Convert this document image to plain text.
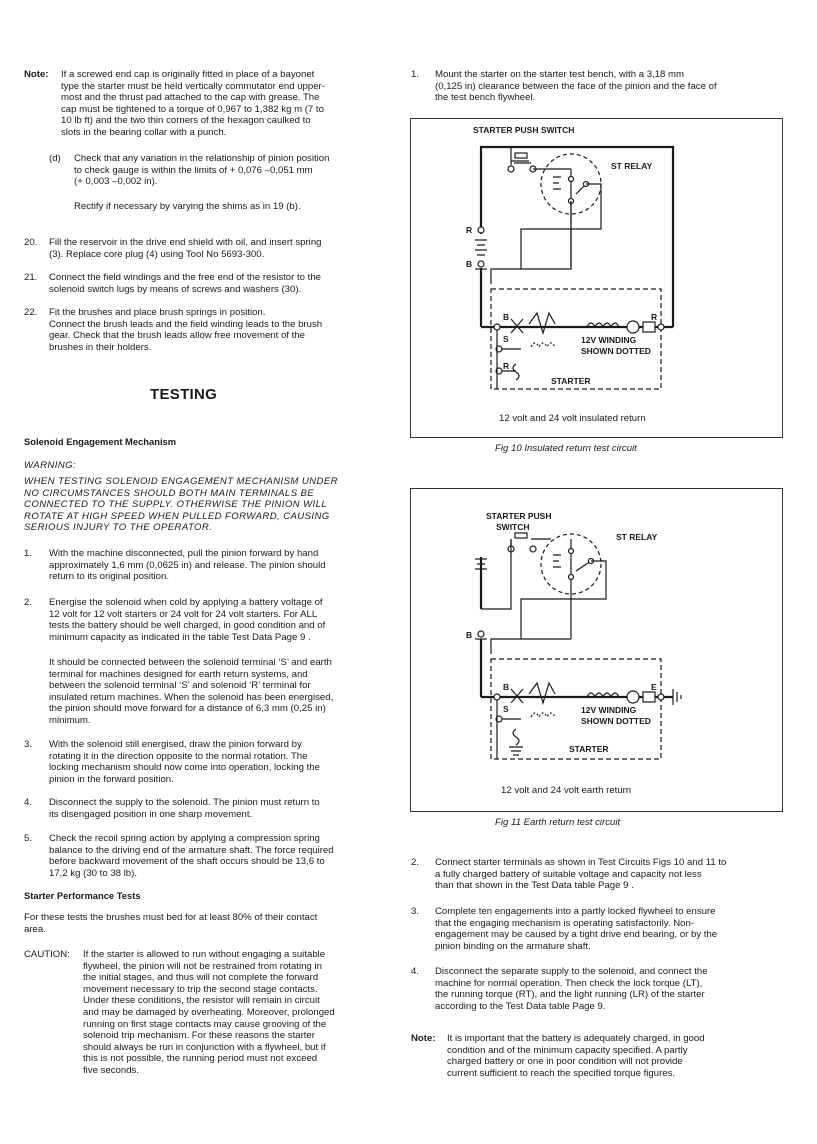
Note: If a screwed end cap is originally fitted in place of a bayonet
type the starter must be held vertically commutator end upper-
most and the thrust pad attached to the cap with grease. The
cap must be tightened to a torque of 0,967 to 1,382 kg m (7 to
10 lb ft) and the two thin corners of the hexagon caulked to
slots in the bearing collar with a punch.
(d) Check that any variation in the relationship of pinion position
to check gauge is within the limits of + 0,076 –0,051 mm
(+ 0,003 –0,002 in).
Rectify if necessary by varying the shims as in 19 (b).
20. Fill the reservoir in the drive end shield with oil, and insert spring
(3). Replace core plug (4) using Tool No 5693-300.
21. Connect the field windings and the free end of the resistor to the
solenoid switch lugs by means of screws and washers (30).
22. Fit the brushes and place brush springs in position.
Connect the brush leads and the field winding leads to the brush
gear. Check that the brush leads allow free movement of the
brushes in their holders.
TESTING
Solenoid Engagement Mechanism
WARNING:
WHEN TESTING SOLENOID ENGAGEMENT MECHANISM UNDER
NO CIRCUMSTANCES SHOULD BOTH MAIN TERMINALS BE
CONNECTED TO THE SUPPLY. OTHERWISE THE PINION WILL
ROTATE AT HIGH SPEED WHEN PULLED FORWARD, CAUSING
SERIOUS INJURY TO THE OPERATOR.
1. With the machine disconnected, pull the pinion forward by hand
approximately 1,6 mm (0,0625 in) and release. The pinion should
return to its original position.
2. Energise the solenoid when cold by applying a battery voltage of
12 volt for 12 volt starters or 24 volt for 24 volt starters. For ALL
tests the battery should be well charged, in good condition and of
minimum capacity as indicated in the table Test Data Page 9 .
It should be connected between the solenoid terminal ‘S’ and earth
terminal for machines designed for earth return systems, and
between the solenoid terminal ‘S’ and solenoid ‘R’ terminal for
insulated return machines. When the solenoid has been energised,
the pinion should move forward for a distance of 6,3 mm (0,25 in)
minimum.
3. With the solenoid still energised, draw the pinion forward by
rotating it in the direction opposite to the normal rotation. The
locking mechanism should now come into operation, locking the
pinion in the forward position.
4. Disconnect the supply to the solenoid. The pinion must return to
its disengaged position in one sharp movement.
5. Check the recoil spring action by applying a compression spring
balance to the driving end of the armature shaft. The force required
before backward movement of the shaft occurs should be 13,6 to
17,2 kg (30 to 38 lb).
Starter Performance Tests
For these tests the brushes must bed for at least 80% of their contact
area.
CAUTION: If the starter is allowed to run without engaging a suitable
flywheel, the pinion will not be restrained from rotating in
the initial stages, and thus will not complete the forward
movement necessary to trip the second stage contacts.
Under these conditions, the resistor will remain in circuit
and may be damaged by overheating. Moreover, prolonged
running on first stage contacts may cause grooving of the
solenoid trip mechanism. For these reasons the starter
should always be run in conjunction with a flywheel, but if
this is not possible, the running period must not exceed
five seconds.
1. Mount the starter on the starter test bench, with a 3,18 mm
(0,125 in) clearance between the face of the pinion and the face of
the test bench flywheel.
STARTER PUSH SWITCH
ST RELAY
R
B
B	R
S
R
12V WINDING
SHOWN DOTTED
STARTER
12 volt and 24 volt insulated return
Fig 10 Insulated return test circuit
STARTER PUSH
SWITCH
ST RELAY
B
B
S
E
12V WINDING
SHOWN DOTTED
STARTER
12 volt and 24 volt earth return
Fig 11 Earth return test circuit
2. Connect starter terminals as shown in Test Circuits Figs 10 and 11 to
a fully charged battery of suitable voltage and capacity not less
than that shown in the Test Data table Page 9 .
3. Complete ten engagements into a partly locked flywheel to ensure
that the engaging mechanism is operating satisfactorily. Non-
engagement may be caused by a tight drive end bearing, or by the
pinion binding on the armature shaft.
4. Disconnect the separate supply to the solenoid, and connect the
machine for normal operation. Then check the lock torque (LT),
the running torque (RT), and the light running (LR) of the starter
according to the Test Data table Page 9.
Note: It is important that the battery is adequately charged, in good
condition and of the minimum capacity specified. A partly
charged battery or one in poor condition will not provide
current sufficient to reach the specified torque figures.
